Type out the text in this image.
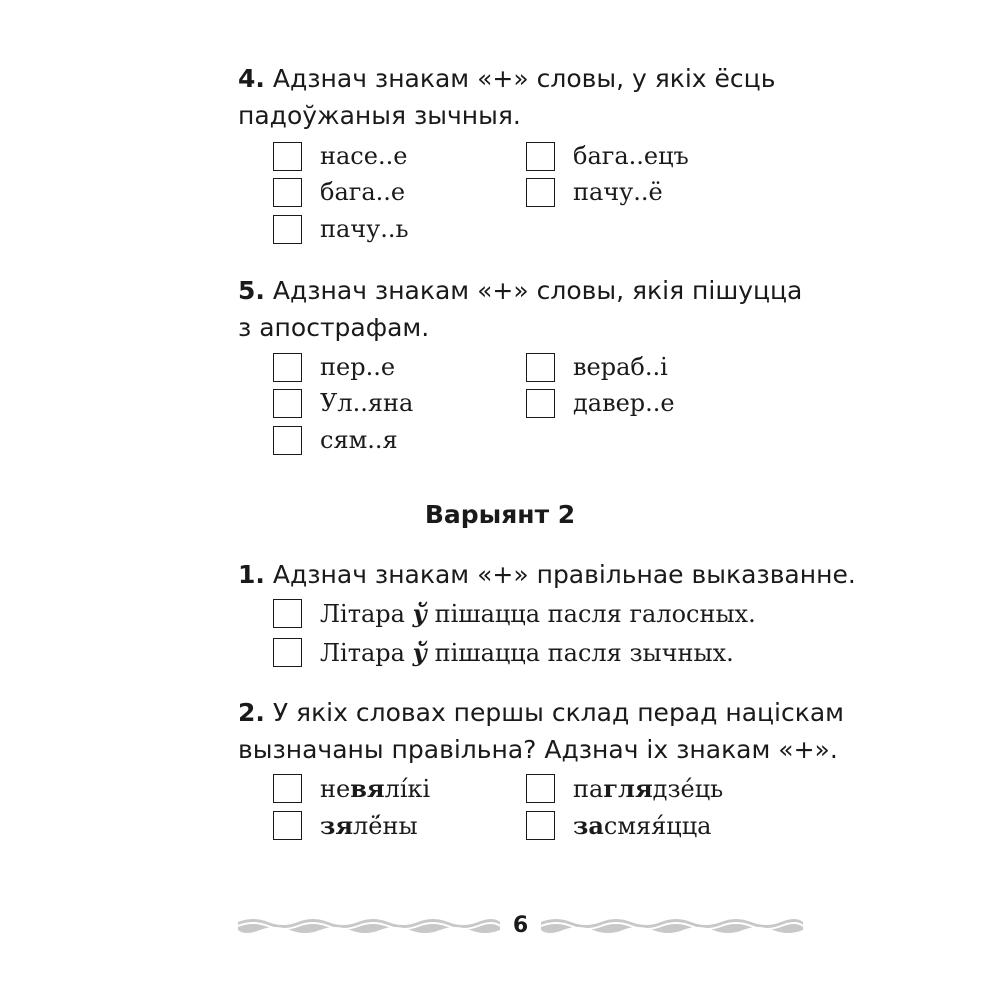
4. Адзнач знакам «+» словы, у якіх ёсць
падоўжаныя зычныя.
насе..е	бага..ецъ
бага..е	пачу..ё
пачу..ь
5. Адзнач знакам «+» словы, якія пішуцца
з апострафам.
пер..е	вераб..і
Ул..яна	давер..е
сям..я
Варыянт 2
1. Адзнач знакам «+» правільнае выказванне.
Літара ў пішацца пасля галосных.
Літара ў пішацца пасля зычных.
2. У якіх словах першы склад перад націскам
вызначаны правільна? Адзнач іх знакам «+».
невялі́кі	паглядзе́ць
зялё́ны	засмяя́цца
6
